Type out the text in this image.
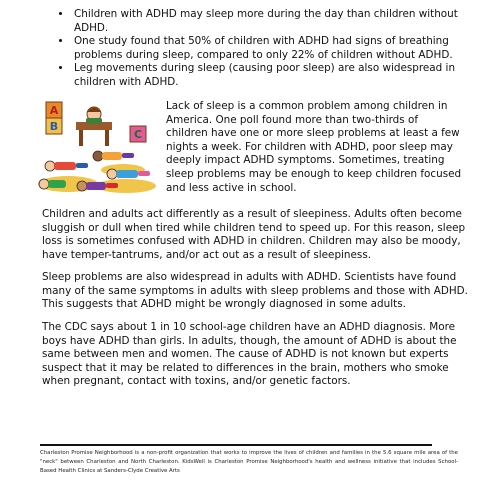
• Children with ADHD may sleep more during the day than children without ADHD.
• One study found that 50% of children with ADHD had signs of breathing problems during sleep, compared to only 22% of children without ADHD.
• Leg movements during sleep (causing poor sleep) are also widespread in children with ADHD.
A
B
C

Lack of sleep is a common problem among children in America. One poll found more than two-thirds of children have one or more sleep problems at least a few nights a week. For children with ADHD, poor sleep may deeply impact ADHD symptoms. Sometimes, treating sleep problems may be enough to keep children focused and less active in school.

Children and adults act differently as a result of sleepiness. Adults often become sluggish or dull when tired while children tend to speed up. For this reason, sleep loss is sometimes confused with ADHD in children. Children may also be moody, have temper-tantrums, and/or act out as a result of sleepiness.

Sleep problems are also widespread in adults with ADHD. Scientists have found many of the same symptoms in adults with sleep problems and those with ADHD. This suggests that ADHD might be wrongly diagnosed in some adults.

The CDC says about 1 in 10 school-age children have an ADHD diagnosis. More boys have ADHD than girls. In adults, though, the amount of ADHD is about the same between men and women. The cause of ADHD is not known but experts suspect that it may be related to differences in the brain, mothers who smoke when pregnant, contact with toxins, and/or genetic factors.

Charleston Promise Neighborhood is a non-profit organization that works to improve the lives of children and families in the 5.6 square mile area of the "neck" between Charleston and North Charleston. KidsWell is Charleston Promise Neighborhood's health and wellness initiative that includes School-Based Health Clinics at Sanders-Clyde Creative Arts
